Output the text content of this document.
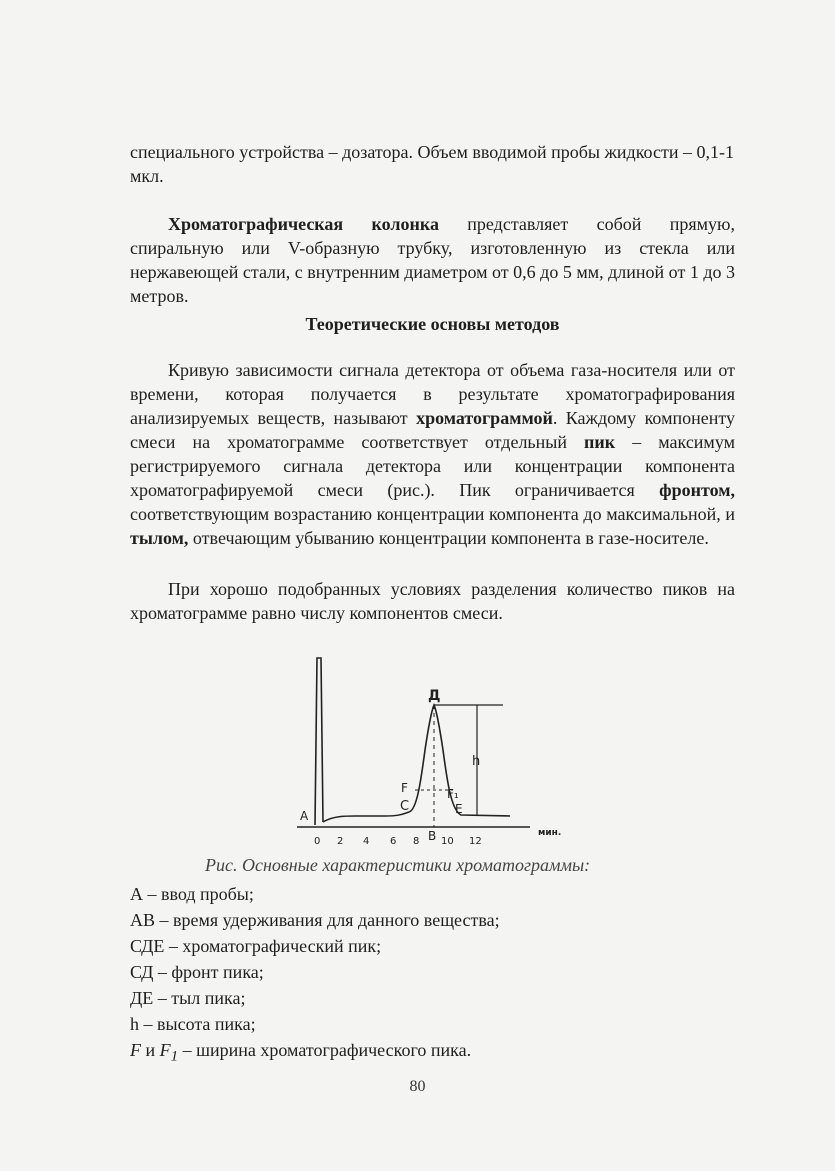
специального устройства – дозатора. Объем вводимой пробы жидкости – 0,1-1 мкл.

Хроматографическая колонка представляет собой прямую, спиральную или V-образную трубку, изготовленную из стекла или нержавеющей стали, с внутренним диаметром от 0,6 до 5 мм, длиной от 1 до 3 метров.

Теоретические основы методов

Кривую зависимости сигнала детектора от объема газа-носителя или от времени, которая получается в результате хроматографирования анализируемых веществ, называют хроматограммой. Каждому компоненту смеси на хроматограмме соответствует отдельный пик – максимум регистрируемого сигнала детектора или концентрации компонента хроматографируемой смеси (рис.). Пик ограничивается фронтом, соответствующим возрастанию концентрации компонента до максимальной, и тылом, отвечающим убыванию концентрации компонента в газе-носителе.

При хорошо подобранных условиях разделения количество пиков на хроматограмме равно числу компонентов смеси.

А
Д
h
F	F₁
С	Е
В
0 2 4 6 8 10 12
мин.
Рис. Основные характеристики хроматограммы:
А – ввод пробы;
АВ – время удерживания для данного вещества;
СДЕ – хроматографический пик;
СД – фронт пика;
ДЕ – тыл пика;
h – высота пика;
F и $F_1$ – ширина хроматографического пика.
80
